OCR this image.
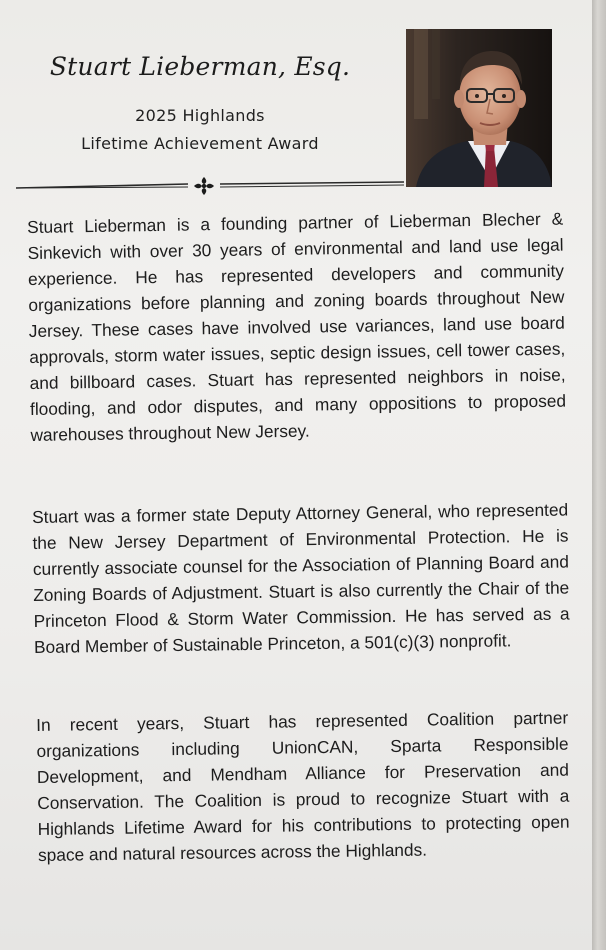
Stuart Lieberman, Esq.
2025 Highlands
Lifetime Achievement Award

Stuart Lieberman is a founding partner of Lieberman Blecher & Sinkevich with over 30 years of environmental and land use legal experience. He has represented developers and community organizations before planning and zoning boards throughout New Jersey. These cases have involved use variances, land use board approvals, storm water issues, septic design issues, cell tower cases, and billboard cases. Stuart has represented neighbors in noise, flooding, and odor disputes, and many oppositions to proposed warehouses throughout New Jersey.

Stuart was a former state Deputy Attorney General, who represented the New Jersey Department of Environmental Protection. He is currently associate counsel for the Association of Planning Board and Zoning Boards of Adjustment. Stuart is also currently the Chair of the Princeton Flood & Storm Water Commission. He has served as a Board Member of Sustainable Princeton, a 501(c)(3) nonprofit.

In recent years, Stuart has represented Coalition partner organizations including UnionCAN, Sparta Responsible Development, and Mendham Alliance for Preservation and Conservation. The Coalition is proud to recognize Stuart with a Highlands Lifetime Award for his contributions to protecting open space and natural resources across the Highlands.
